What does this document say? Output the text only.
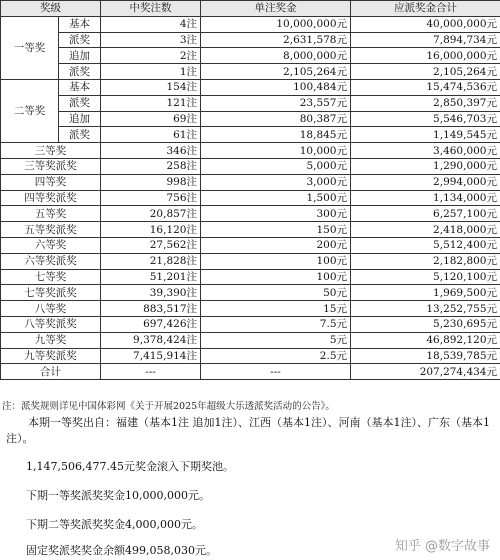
奖级		中奖注数	单注奖金	应派奖金合计
一等奖	基本	4注	10,000,000元	40,000,000元
	派奖	3注	2,631,578元	7,894,734元
	追加	2注	8,000,000元	16,000,000元
	派奖	1注	2,105,264元	2,105,264元
二等奖	基本	154注	100,484元	15,474,536元
	派奖	121注	23,557元	2,850,397元
	追加	69注	80,387元	5,546,703元
	派奖	61注	18,845元	1,149,545元
三等奖		346注	10,000元	3,460,000元
三等奖派奖		258注	5,000元	1,290,000元
四等奖		998注	3,000元	2,994,000元
四等奖派奖		756注	1,500元	1,134,000元
五等奖		20,857注	300元	6,257,100元
五等奖派奖		16,120注	150元	2,418,000元
六等奖		27,562注	200元	5,512,400元
六等奖派奖		21,828注	100元	2,182,800元
七等奖		51,201注	100元	5,120,100元
七等奖派奖		39,390注	50元	1,969,500元
八等奖		883,517注	15元	13,252,755元
八等奖派奖		697,426注	7.5元	5,230,695元
九等奖		9,378,424注	5元	46,892,120元
九等奖派奖		7,415,914注	2.5元	18,539,785元
合计		---	---	207,274,434元
注：派奖规则详见中国体彩网《关于开展2025年超级大乐透派奖活动的公告》。
本期一等奖出自：福建（基本1注 追加1注）、江西（基本1注）、河南（基本1注）、广东（基本1注）。
1,147,506,477.45元奖金滚入下期奖池。
下期一等奖派奖奖金10,000,000元。
下期二等奖派奖奖金4,000,000元。
固定奖派奖奖金余额499,058,030元。	知乎 @数字故事
